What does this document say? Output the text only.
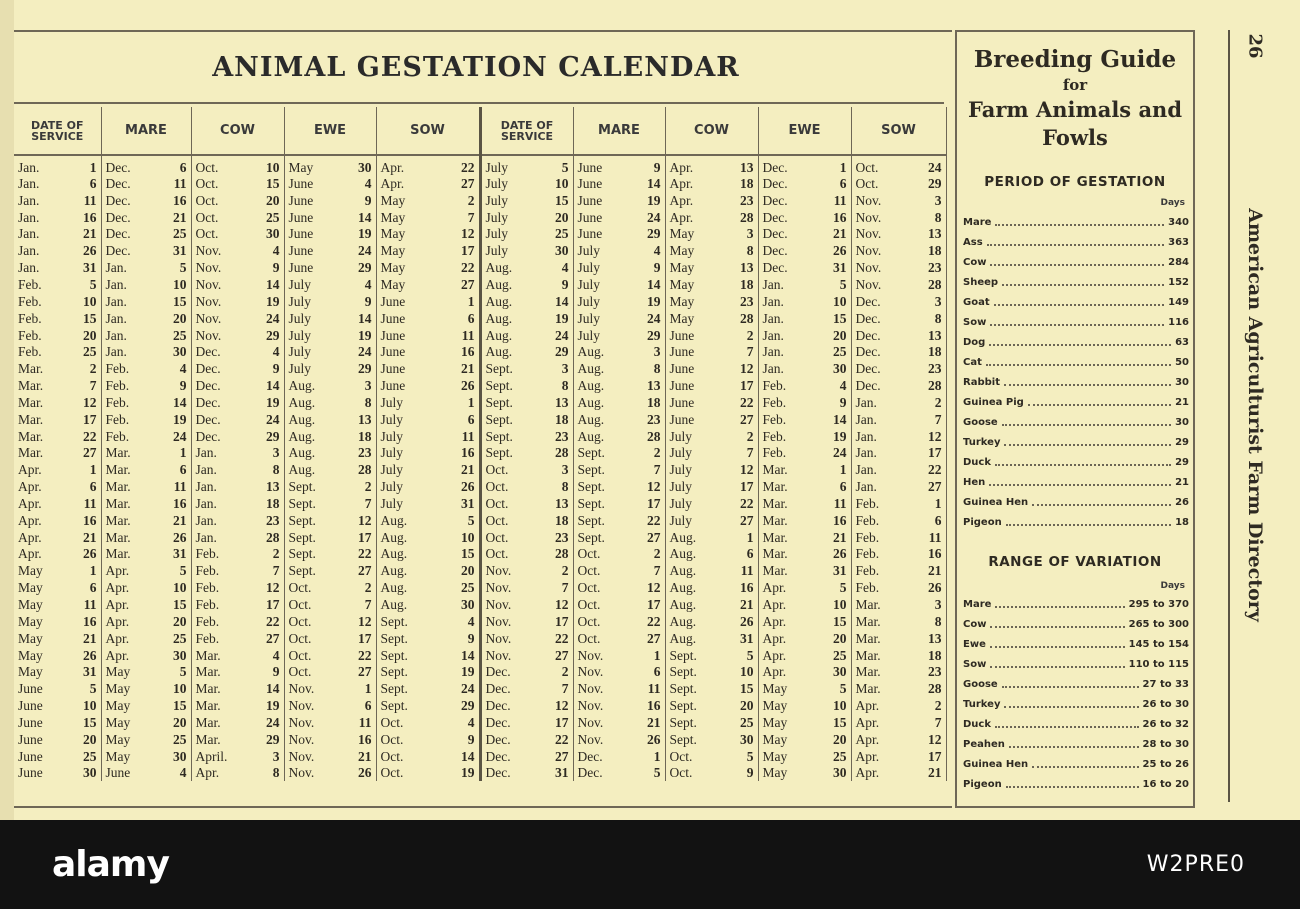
ANIMAL GESTATION CALENDAR
DATE OF SERVICE	MARE	COW	EWE	SOW	DATE OF SERVICE	MARE	COW	EWE	SOW

Jan. 1	Dec. 6	Oct. 10	May 30	Apr. 22	July 5	June 9	Apr. 13	Dec. 1	Oct. 24

Jan. 6	Dec. 11	Oct. 15	June 4	Apr. 27	July 10	June 14	Apr. 18	Dec. 6	Oct. 29

Jan. 11	Dec. 16	Oct. 20	June 9	May 2	July 15	June 19	Apr. 23	Dec. 11	Nov. 3

Jan. 16	Dec. 21	Oct. 25	June 14	May 7	July 20	June 24	Apr. 28	Dec. 16	Nov. 8

Jan. 21	Dec. 25	Oct. 30	June 19	May 12	July 25	June 29	May 3	Dec. 21	Nov. 13

Jan. 26	Dec. 31	Nov. 4	June 24	May 17	July 30	July 4	May 8	Dec. 26	Nov. 18

Jan. 31	Jan. 5	Nov. 9	June 29	May 22	Aug. 4	July 9	May 13	Dec. 31	Nov. 23

Feb. 5	Jan. 10	Nov. 14	July 4	May 27	Aug. 9	July 14	May 18	Jan. 5	Nov. 28

Feb. 10	Jan. 15	Nov. 19	July 9	June 1	Aug. 14	July 19	May 23	Jan. 10	Dec. 3

Feb. 15	Jan. 20	Nov. 24	July 14	June 6	Aug. 19	July 24	May 28	Jan. 15	Dec. 8

Feb. 20	Jan. 25	Nov. 29	July 19	June 11	Aug. 24	July 29	June 2	Jan. 20	Dec. 13

Feb. 25	Jan. 30	Dec. 4	July 24	June 16	Aug. 29	Aug. 3	June 7	Jan. 25	Dec. 18

Mar. 2	Feb. 4	Dec. 9	July 29	June 21	Sept. 3	Aug. 8	June 12	Jan. 30	Dec. 23

Mar. 7	Feb. 9	Dec. 14	Aug. 3	June 26	Sept. 8	Aug. 13	June 17	Feb. 4	Dec. 28

Mar. 12	Feb. 14	Dec. 19	Aug. 8	July 1	Sept. 13	Aug. 18	June 22	Feb. 9	Jan. 2

Mar. 17	Feb. 19	Dec. 24	Aug. 13	July 6	Sept. 18	Aug. 23	June 27	Feb. 14	Jan. 7

Mar. 22	Feb. 24	Dec. 29	Aug. 18	July 11	Sept. 23	Aug. 28	July 2	Feb. 19	Jan. 12

Mar. 27	Mar. 1	Jan. 3	Aug. 23	July 16	Sept. 28	Sept. 2	July 7	Feb. 24	Jan. 17

Apr. 1	Mar. 6	Jan. 8	Aug. 28	July 21	Oct. 3	Sept. 7	July 12	Mar. 1	Jan. 22

Apr. 6	Mar. 11	Jan. 13	Sept. 2	July 26	Oct. 8	Sept. 12	July 17	Mar. 6	Jan. 27

Apr. 11	Mar. 16	Jan. 18	Sept. 7	July 31	Oct. 13	Sept. 17	July 22	Mar. 11	Feb. 1

Apr. 16	Mar. 21	Jan. 23	Sept. 12	Aug. 5	Oct. 18	Sept. 22	July 27	Mar. 16	Feb. 6

Apr. 21	Mar. 26	Jan. 28	Sept. 17	Aug. 10	Oct. 23	Sept. 27	Aug. 1	Mar. 21	Feb. 11

Apr. 26	Mar. 31	Feb. 2	Sept. 22	Aug. 15	Oct. 28	Oct. 2	Aug. 6	Mar. 26	Feb. 16

May 1	Apr. 5	Feb. 7	Sept. 27	Aug. 20	Nov. 2	Oct. 7	Aug. 11	Mar. 31	Feb. 21

May 6	Apr. 10	Feb. 12	Oct. 2	Aug. 25	Nov. 7	Oct. 12	Aug. 16	Apr. 5	Feb. 26

May 11	Apr. 15	Feb. 17	Oct. 7	Aug. 30	Nov. 12	Oct. 17	Aug. 21	Apr. 10	Mar. 3

May 16	Apr. 20	Feb. 22	Oct. 12	Sept. 4	Nov. 17	Oct. 22	Aug. 26	Apr. 15	Mar. 8

May 21	Apr. 25	Feb. 27	Oct. 17	Sept. 9	Nov. 22	Oct. 27	Aug. 31	Apr. 20	Mar. 13

May 26	Apr. 30	Mar. 4	Oct. 22	Sept. 14	Nov. 27	Nov. 1	Sept. 5	Apr. 25	Mar. 18

May 31	May 5	Mar. 9	Oct. 27	Sept. 19	Dec. 2	Nov. 6	Sept. 10	Apr. 30	Mar. 23

June 5	May 10	Mar. 14	Nov. 1	Sept. 24	Dec. 7	Nov. 11	Sept. 15	May 5	Mar. 28

June 10	May 15	Mar. 19	Nov. 6	Sept. 29	Dec. 12	Nov. 16	Sept. 20	May 10	Apr. 2

June 15	May 20	Mar. 24	Nov. 11	Oct. 4	Dec. 17	Nov. 21	Sept. 25	May 15	Apr. 7

June 20	May 25	Mar. 29	Nov. 16	Oct. 9	Dec. 22	Nov. 26	Sept. 30	May 20	Apr. 12

June 25	May 30	April. 3	Nov. 21	Oct. 14	Dec. 27	Dec. 1	Oct. 5	May 25	Apr. 17

June 30	June 4	Apr. 8	Nov. 26	Oct. 19	Dec. 31	Dec. 5	Oct. 9	May 30	Apr. 21
Breeding Guide
for
Farm Animals and Fowls
PERIOD OF GESTATION
Days
Mare	340
Ass	363
Cow	284
Sheep	152
Goat	149
Sow	116
Dog	63
Cat	50
Rabbit	30
Guinea Pig	21
Goose	30
Turkey	29
Duck	29
Hen	21
Guinea Hen	26
Pigeon	18
RANGE OF VARIATION
Days
Mare	295 to 370
Cow	265 to 300
Ewe	145 to 154
Sow	110 to 115
Goose	27 to 33
Turkey	26 to 30
Duck	26 to 32
Peahen	28 to 30
Guinea Hen	25 to 26
Pigeon	16 to 20
26
American Agriculturist Farm Directory
alamy	W2PRE0
